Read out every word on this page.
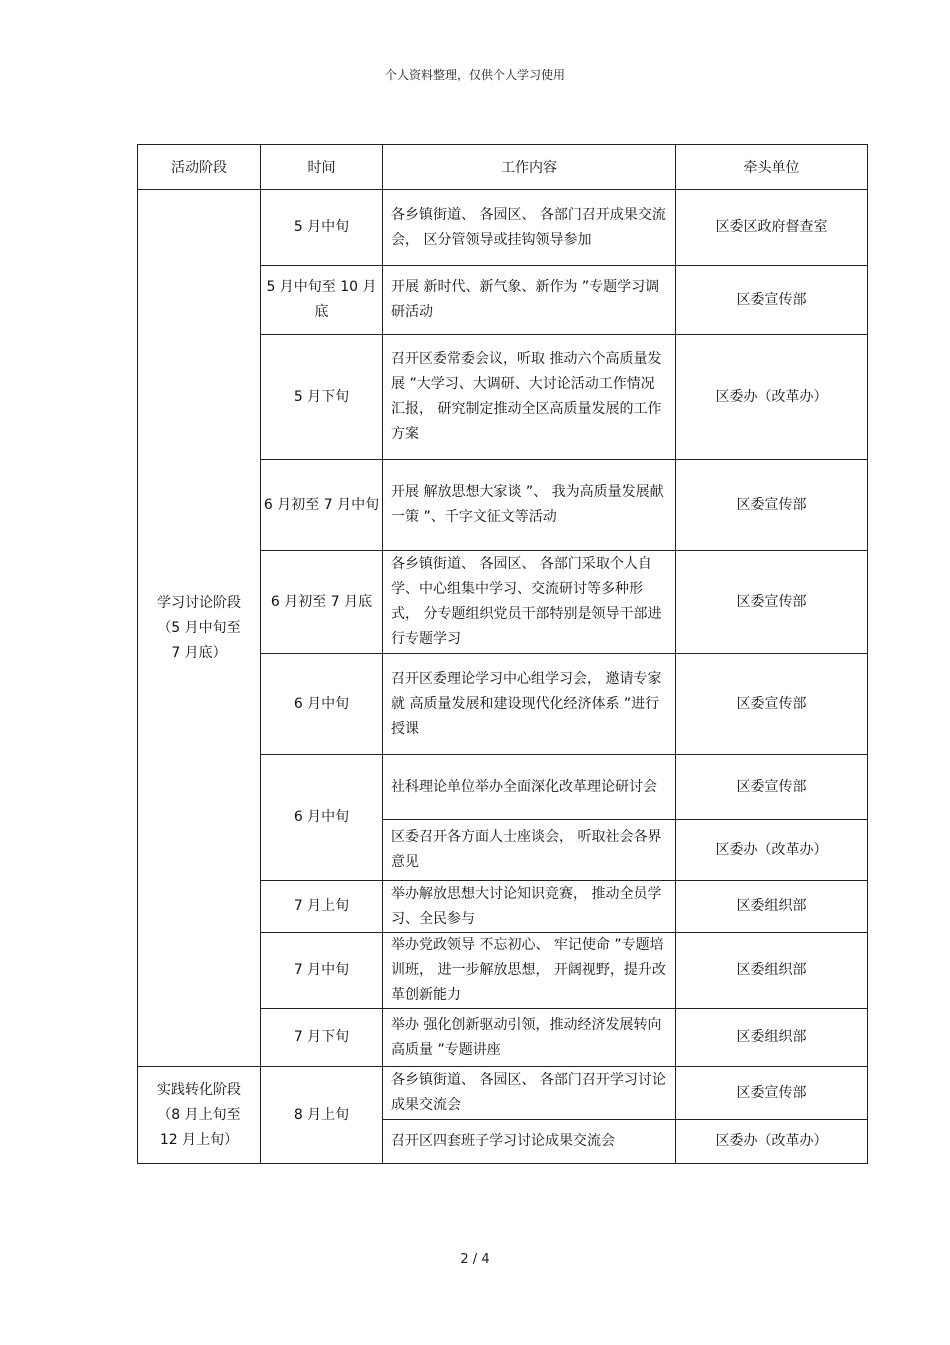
个人资料整理，仅供个人学习使用
活动阶段	时间	工作内容	牵头单位

学习讨论阶段
（5 月中旬至
7 月底）	5 月中旬	各乡镇街道、 各园区、 各部门召开成果交流会， 区分管领导或挂钩领导参加	区委区政府督查室
	5 月中旬至 10 月底	开展 新时代、新气象、新作为 ”专题学习调研活动	区委宣传部
	5 月下旬	召开区委常委会议，听取 推动六个高质量发展 ”大学习、大调研、大讨论活动工作情况汇报， 研究制定推动全区高质量发展的工作方案	区委办（改革办）
	6 月初至 7 月中旬	开展 解放思想大家谈 ”、 我为高质量发展献一策 ”、千字文征文等活动	区委宣传部
	6 月初至 7 月底	各乡镇街道、 各园区、 各部门采取个人自学、中心组集中学习、交流研讨等多种形式， 分专题组织党员干部特别是领导干部进行专题学习	区委宣传部
	6 月中旬	召开区委理论学习中心组学习会， 邀请专家就 高质量发展和建设现代化经济体系 ”进行授课	区委宣传部
	6 月中旬	社科理论单位举办全面深化改革理论研讨会	区委宣传部
		区委召开各方面人士座谈会， 听取社会各界意见	区委办（改革办）
	7 月上旬	举办解放思想大讨论知识竞赛， 推动全员学习、全民参与	区委组织部
	7 月中旬	举办党政领导 不忘初心、 牢记使命 ”专题培训班， 进一步解放思想， 开阔视野，提升改革创新能力	区委组织部
	7 月下旬	举办 强化创新驱动引领，推动经济发展转向高质量 ”专题讲座	区委组织部

实践转化阶段
（8 月上旬至
12 月上旬）	8 月上旬	各乡镇街道、 各园区、 各部门召开学习讨论成果交流会	区委宣传部
		召开区四套班子学习讨论成果交流会	区委办（改革办）
2 / 4
